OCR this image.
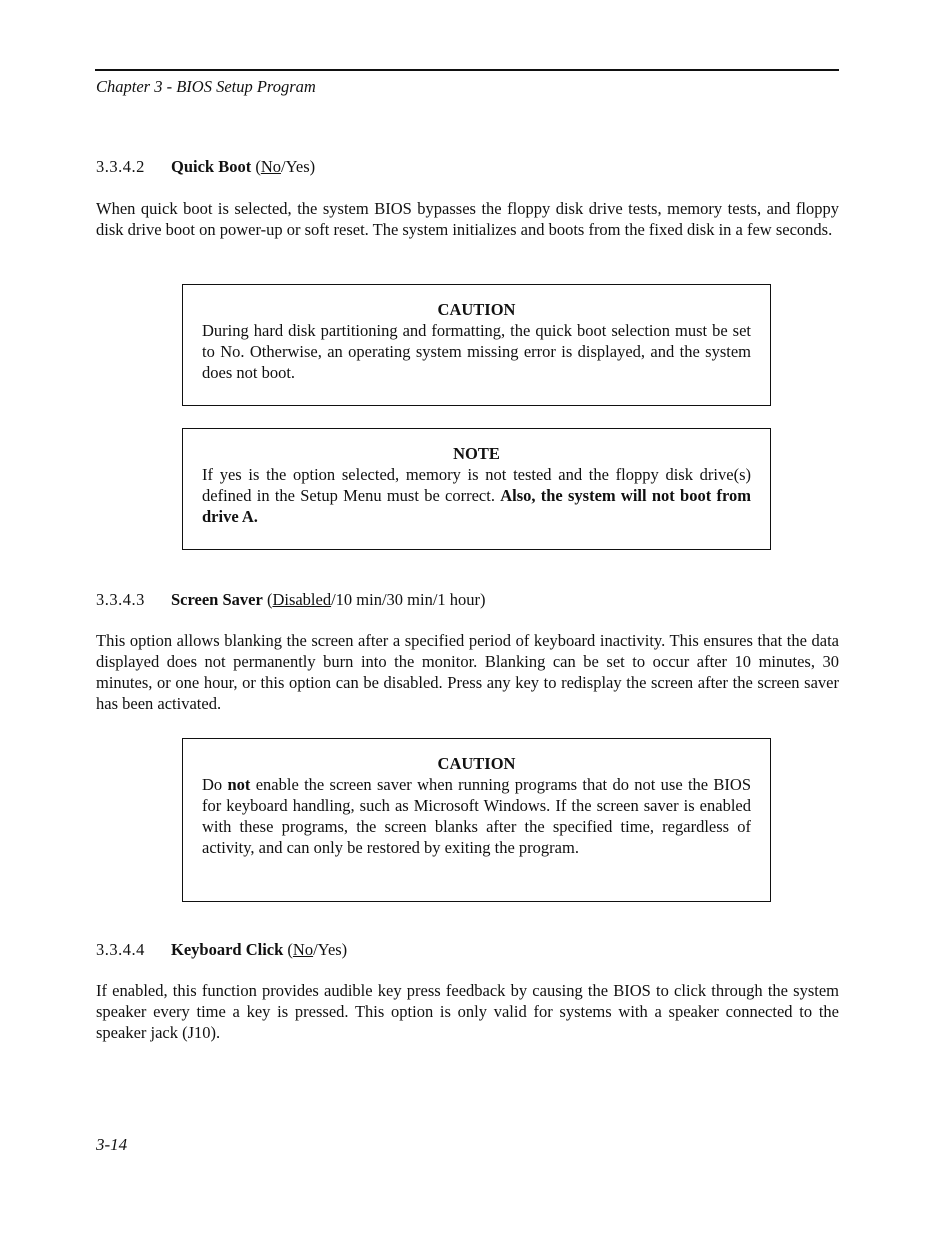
Chapter 3 - BIOS Setup Program
3.3.4.2 Quick Boot (No/Yes)
When quick boot is selected, the system BIOS bypasses the floppy disk drive tests, memory tests, and floppy disk drive boot on power-up or soft reset. The system initializes and boots from the fixed disk in a few seconds.
CAUTION
During hard disk partitioning and formatting, the quick boot selection must be set to No. Otherwise, an operating system missing error is displayed, and the system does not boot.
NOTE
If yes is the option selected, memory is not tested and the floppy disk drive(s) defined in the Setup Menu must be correct. Also, the system will not boot from drive A.
3.3.4.3 Screen Saver (Disabled/10 min/30 min/1 hour)
This option allows blanking the screen after a specified period of keyboard inactivity. This ensures that the data displayed does not permanently burn into the monitor. Blanking can be set to occur after 10 minutes, 30 minutes, or one hour, or this option can be disabled. Press any key to redisplay the screen after the screen saver has been activated.
CAUTION
Do not enable the screen saver when running programs that do not use the BIOS for keyboard handling, such as Microsoft Windows. If the screen saver is enabled with these programs, the screen blanks after the specified time, regardless of activity, and can only be restored by exiting the program.
3.3.4.4 Keyboard Click (No/Yes)
If enabled, this function provides audible key press feedback by causing the BIOS to click through the system speaker every time a key is pressed. This option is only valid for systems with a speaker connected to the speaker jack (J10).
3-14
